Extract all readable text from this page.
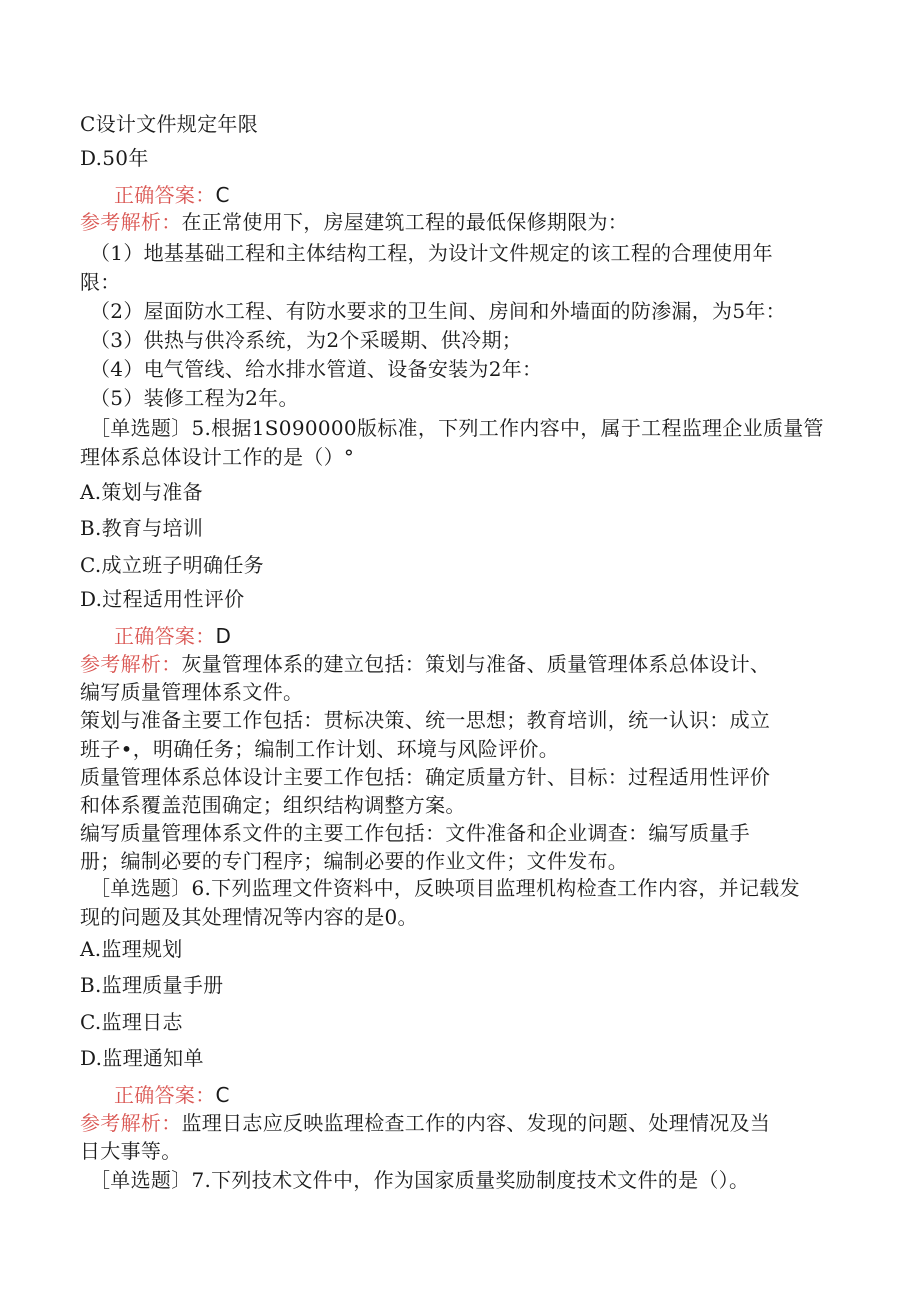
C设计文件规定年限
D.50年
正确答案：C
参考解析：在正常使用下，房屋建筑工程的最低保修期限为：
（1）地基基础工程和主体结构工程，为设计文件规定的该工程的合理使用年
限：
（2）屋面防水工程、有防水要求的卫生间、房间和外墙面的防渗漏，为5年：
（3）供热与供冷系统，为2个采暖期、供冷期；
（4）电气管线、给水排水管道、设备安装为2年：
（5）装修工程为2年。
［单选题〕5.根据1S090000版标准，下列工作内容中，属于工程监理企业质量管
理体系总体设计工作的是（）°
A.策划与准备
B.教育与培训
C.成立班子明确任务
D.过程适用性评价
正确答案：D
参考解析：灰量管理体系的建立包括：策划与准备、质量管理体系总体设计、
编写质量管理体系文件。
策划与准备主要工作包括：贯标决策、统一思想；教育培训，统一认识：成立
班子•，明确任务；编制工作计划、环境与风险评价。
质量管理体系总体设计主要工作包括：确定质量方针、目标：过程适用性评价
和体系覆盖范围确定；组织结构调整方案。
编写质量管理体系文件的主要工作包括：文件准备和企业调查：编写质量手
册；编制必要的专门程序；编制必要的作业文件；文件发布。
［单选题〕6.下列监理文件资料中，反映项目监理机构检查工作内容，并记载发
现的问题及其处理情况等内容的是0。
A.监理规划
B.监理质量手册
C.监理日志
D.监理通知单
正确答案：C
参考解析：监理日志应反映监理检查工作的内容、发现的问题、处理情况及当
日大事等。
［单选题〕7.下列技术文件中，作为国家质量奖励制度技术文件的是（）。
